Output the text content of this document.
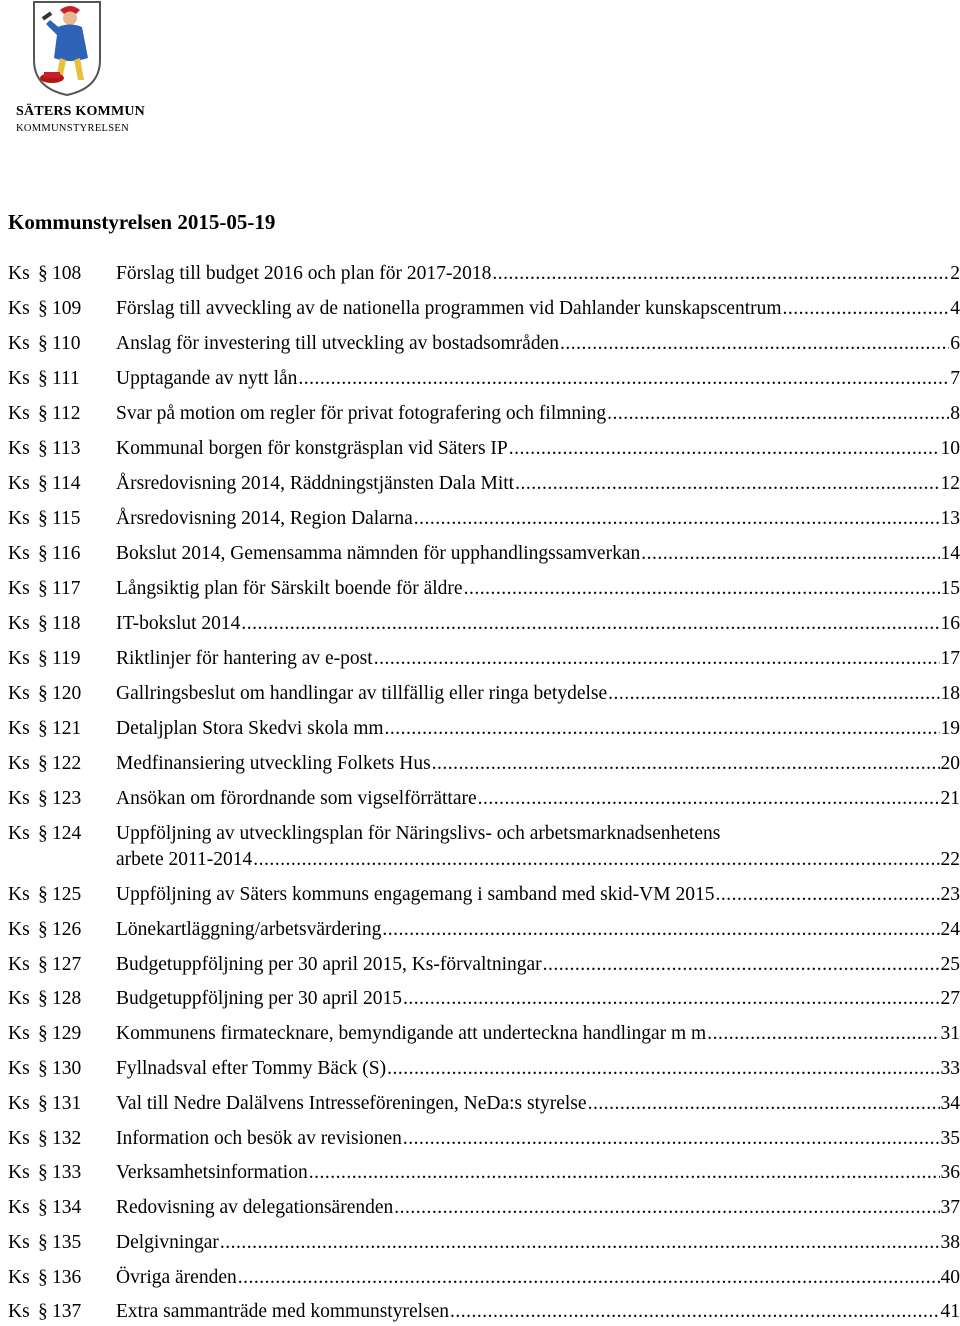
SÄTERS KOMMUN
KOMMUNSTYRELSEN
Kommunstyrelsen 2015-05-19
Ks § 108 Förslag till budget 2016 och plan för 2017-2018 .....	2
Ks § 109 Förslag till avveckling av de nationella programmen vid Dahlander kunskapscentrum .....	4
Ks § 110 Anslag för investering till utveckling av bostadsområden .....	6
Ks § 111 Upptagande av nytt lån .....	7
Ks § 112 Svar på motion om regler för privat fotografering och filmning .....	8
Ks § 113 Kommunal borgen för konstgräsplan vid Säters IP .....	10
Ks § 114 Årsredovisning 2014, Räddningstjänsten Dala Mitt .....	12
Ks § 115 Årsredovisning 2014, Region Dalarna .....	13
Ks § 116 Bokslut 2014, Gemensamma nämnden för upphandlingssamverkan .....	14
Ks § 117 Långsiktig plan för Särskilt boende för äldre .....	15
Ks § 118 IT-bokslut 2014 .....	16
Ks § 119 Riktlinjer för hantering av e-post .....	17
Ks § 120 Gallringsbeslut om handlingar av tillfällig eller ringa betydelse .....	18
Ks § 121 Detaljplan Stora Skedvi skola mm .....	19
Ks § 122 Medfinansiering utveckling Folkets Hus .....	20
Ks § 123 Ansökan om förordnande som vigselförrättare .....	21
Ks § 124 Uppföljning av utvecklingsplan för Näringslivs- och arbetsmarknadsenhetens
arbete 2011-2014 .....	22
Ks § 125 Uppföljning av Säters kommuns engagemang i samband med skid-VM 2015 .....	23
Ks § 126 Lönekartläggning/arbetsvärdering .....	24
Ks § 127 Budgetuppföljning per 30 april 2015, Ks-förvaltningar .....	25
Ks § 128 Budgetuppföljning per 30 april 2015 .....	27
Ks § 129 Kommunens firmatecknare, bemyndigande att underteckna handlingar m m .....	31
Ks § 130 Fyllnadsval efter Tommy Bäck (S) .....	33
Ks § 131 Val till Nedre Dalälvens Intresseföreningen, NeDa:s styrelse .....	34
Ks § 132 Information och besök av revisionen .....	35
Ks § 133 Verksamhetsinformation .....	36
Ks § 134 Redovisning av delegationsärenden .....	37
Ks § 135 Delgivningar .....	38
Ks § 136 Övriga ärenden .....	40
Ks § 137 Extra sammanträde med kommunstyrelsen .....	41
